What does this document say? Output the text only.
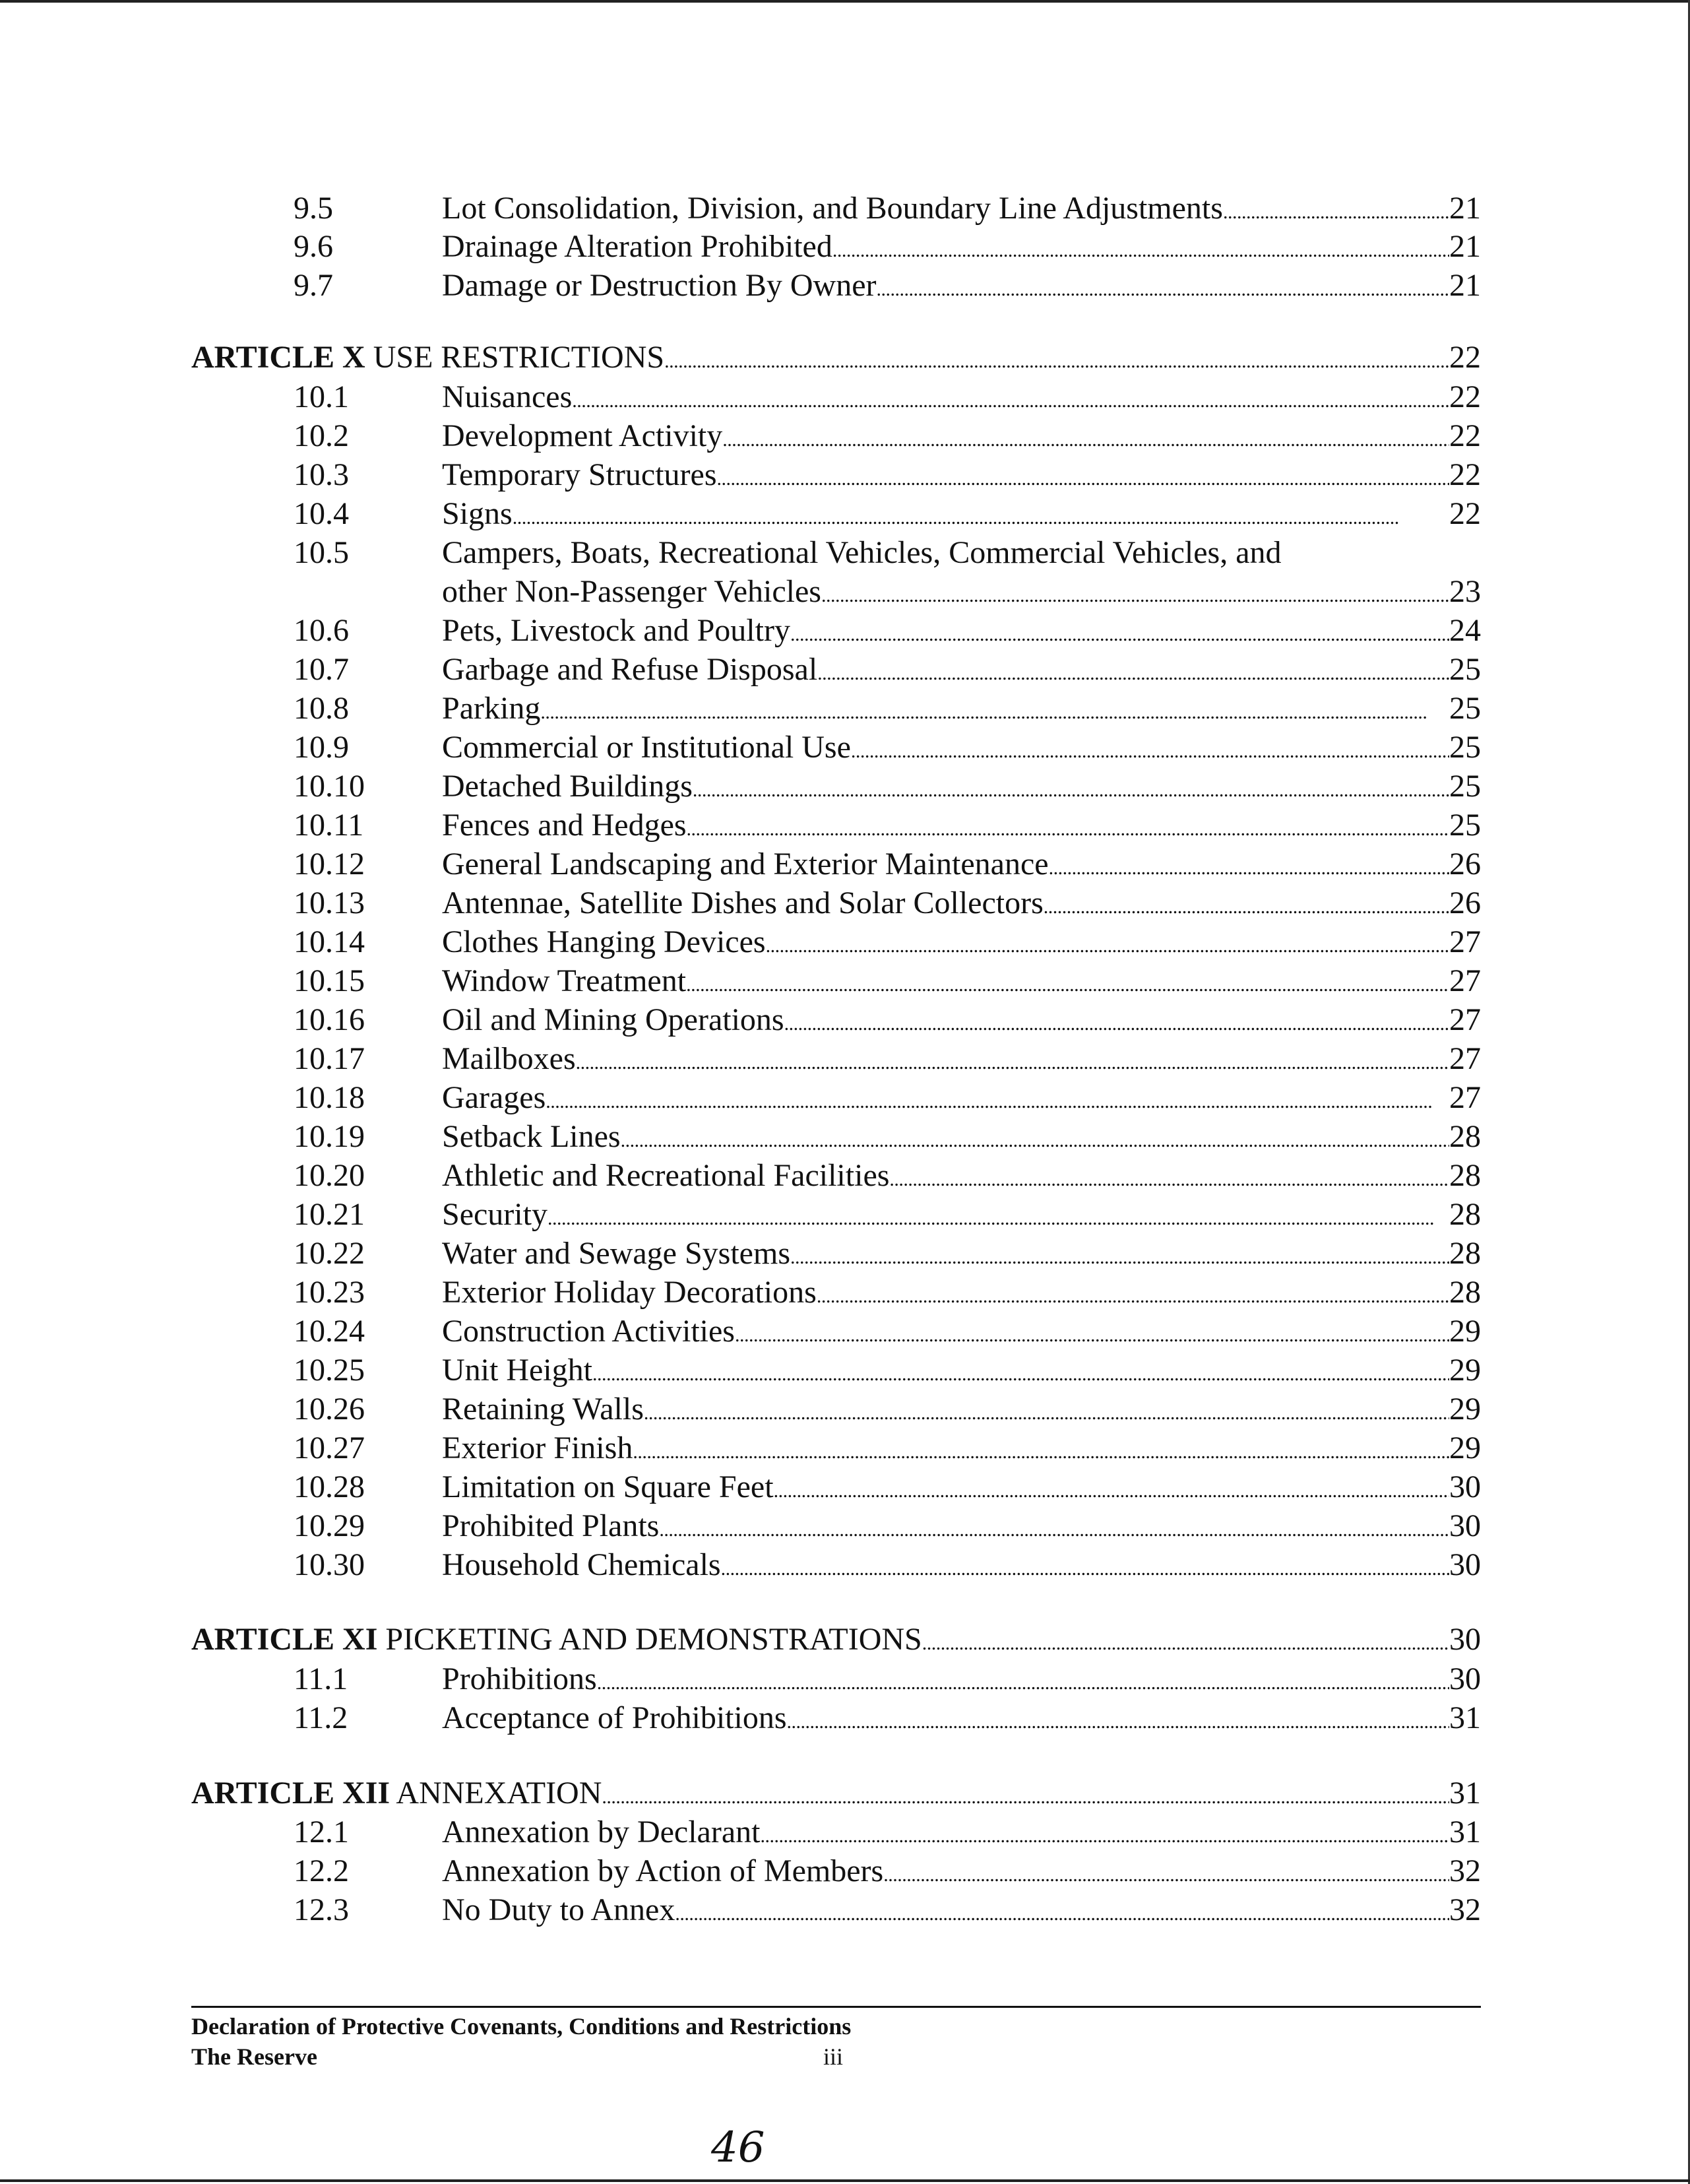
9.5	Lot Consolidation, Division, and Boundary Line Adjustments . . .	21
9.6	Drainage Alteration Prohibited . . .	21
9.7	Damage or Destruction By Owner . . .	21
ARTICLE X USE RESTRICTIONS . . .	22
10.1	Nuisances . . .	22
10.2	Development Activity . . .	22
10.3	Temporary Structures . . .	22
10.4	Signs . . .	22
10.5	Campers, Boats, Recreational Vehicles, Commercial Vehicles, and
other Non-Passenger Vehicles . . .	23
10.6	Pets, Livestock and Poultry . . .	24
10.7	Garbage and Refuse Disposal . . .	25
10.8	Parking . . .	25
10.9	Commercial or Institutional Use . . .	25
10.10 Detached Buildings . . .	25
10.11 Fences and Hedges . . .	25
10.12 General Landscaping and Exterior Maintenance . . .	26
10.13 Antennae, Satellite Dishes and Solar Collectors . . .	26
10.14 Clothes Hanging Devices . . .	27
10.15 Window Treatment . . .	27
10.16 Oil and Mining Operations . . .	27
10.17 Mailboxes . . .	27
10.18 Garages . . .	27
10.19 Setback Lines . . .	28
10.20 Athletic and Recreational Facilities . . .	28
10.21 Security . . .	28
10.22 Water and Sewage Systems . . .	28
10.23 Exterior Holiday Decorations . . .	28
10.24 Construction Activities . . .	29
10.25 Unit Height . . .	29
10.26 Retaining Walls . . .	29
10.27 Exterior Finish . . .	29
10.28 Limitation on Square Feet . . .	30
10.29 Prohibited Plants . . .	30
10.30 Household Chemicals . . .	30
ARTICLE XI PICKETING AND DEMONSTRATIONS . . .	30
11.1	Prohibitions . . .	30
11.2	Acceptance of Prohibitions . . .	31
ARTICLE XII ANNEXATION . . .	31
12.1	Annexation by Declarant . . .	31
12.2	Annexation by Action of Members . . .	32
12.3	No Duty to Annex . . .	32
Declaration of Protective Covenants, Conditions and Restrictions
The Reserve	iii
46
